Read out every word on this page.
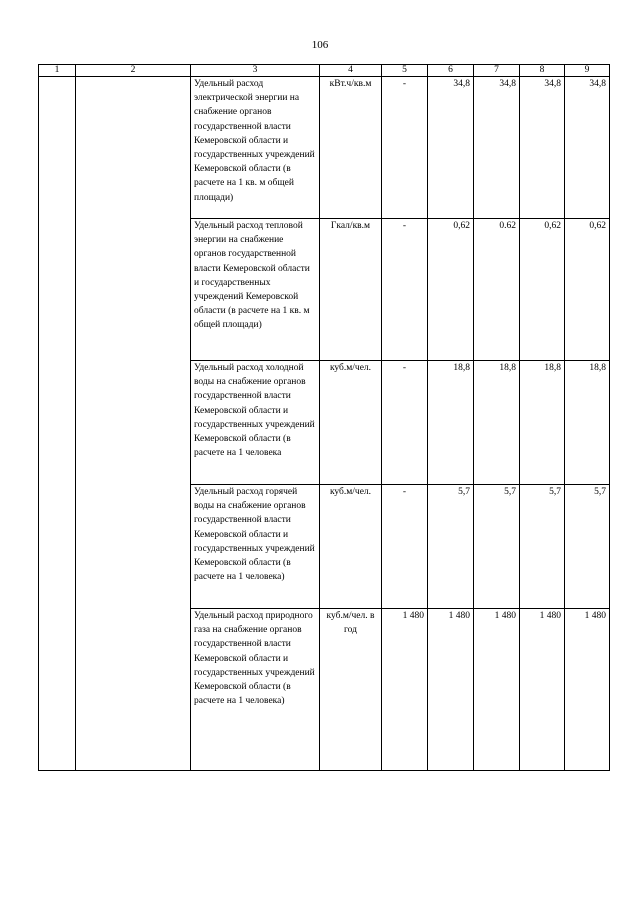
106
1	2	3	4	5	6	7	8	9
		Удельный расход электрической энергии на снабжение органов государственной власти Кемеровской области и государственных учреждений Кемеровской области (в расчете на 1 кв. м общей площади)	кВт.ч/кв.м	-	34,8	34,8	34,8	34,8
		Удельный расход тепловой энергии на снабжение органов государственной власти Кемеровской области и государственных учреждений Кемеровской области (в расчете на 1 кв. м общей площади)	Гкал/кв.м	-	0,62	0.62	0,62	0,62
		Удельный расход холодной воды на снабжение органов государственной власти Кемеровской области и государственных учреждений Кемеровской области (в расчете на 1 человека	куб.м/чел.	-	18,8	18,8	18,8	18,8
		Удельный расход горячей воды на снабжение органов государственной власти Кемеровской области и государственных учреждений Кемеровской области (в расчете на 1 человека)	куб.м/чел.	-	5,7	5,7	5,7	5,7
		Удельный расход природного газа на снабжение органов государственной власти Кемеровской области и государственных учреждений Кемеровской области (в расчете на 1 человека)	куб.м/чел. в год	1 480	1 480	1 480	1 480	1 480
